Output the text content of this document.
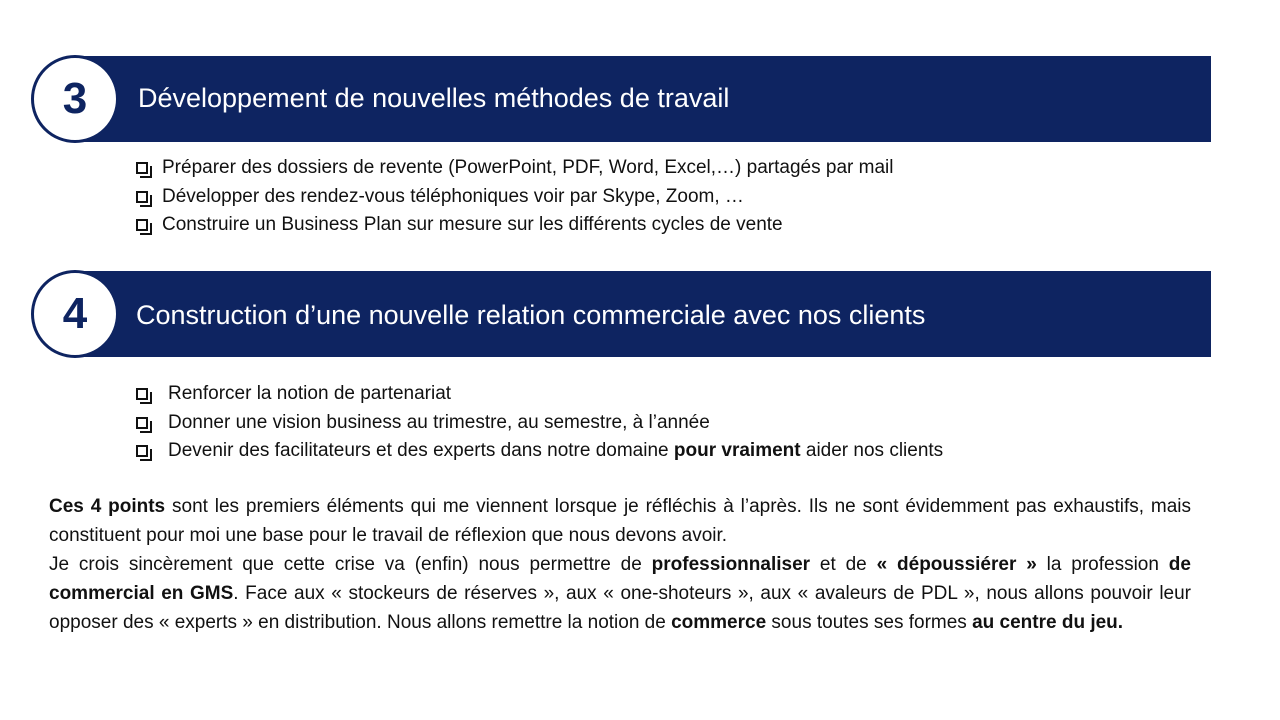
3 Développement de nouvelles méthodes de travail
Préparer des dossiers de revente (PowerPoint, PDF, Word, Excel,…) partagés par mail
Développer des rendez-vous téléphoniques voir par Skype, Zoom, …
Construire un Business Plan sur mesure sur les différents cycles de vente
4 Construction d’une nouvelle relation commerciale avec nos clients
Renforcer la notion de partenariat
Donner une vision business au trimestre, au semestre, à l’année
Devenir des facilitateurs et des experts dans notre domaine pour vraiment aider nos clients

Ces 4 points sont les premiers éléments qui me viennent lorsque je réfléchis à l’après. Ils ne sont évidemment pas exhaustifs, mais constituent pour moi une base pour le travail de réflexion que nous devons avoir.

Je crois sincèrement que cette crise va (enfin) nous permettre de professionnaliser et de « dépoussiérer » la profession de commercial en GMS. Face aux « stockeurs de réserves », aux « one-shoteurs », aux « avaleurs de PDL », nous allons pouvoir leur opposer des « experts » en distribution. Nous allons remettre la notion de commerce sous toutes ses formes au centre du jeu.
